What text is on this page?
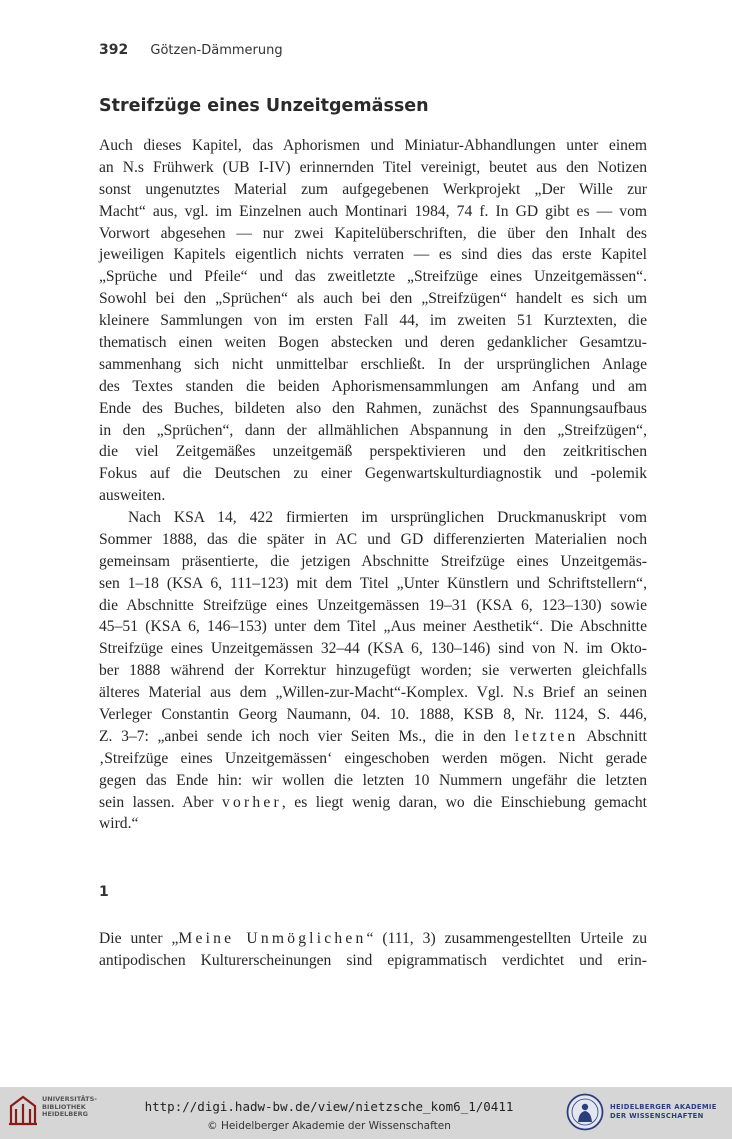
392 Götzen-Dämmerung
Streifzüge eines Unzeitgemässen
Auch dieses Kapitel, das Aphorismen und Miniatur-Abhandlungen unter einem
an N.s Frühwerk (UB I-IV) erinnernden Titel vereinigt, beutet aus den Notizen
sonst ungenutztes Material zum aufgegebenen Werkprojekt „Der Wille zur
Macht“ aus, vgl. im Einzelnen auch Montinari 1984, 74 f. In GD gibt es — vom
Vorwort abgesehen — nur zwei Kapitelüberschriften, die über den Inhalt des
jeweiligen Kapitels eigentlich nichts verraten — es sind dies das erste Kapitel
„Sprüche und Pfeile“ und das zweitletzte „Streifzüge eines Unzeitgemässen“.
Sowohl bei den „Sprüchen“ als auch bei den „Streifzügen“ handelt es sich um
kleinere Sammlungen von im ersten Fall 44, im zweiten 51 Kurztexten, die
thematisch einen weiten Bogen abstecken und deren gedanklicher Gesamtzu-
sammenhang sich nicht unmittelbar erschließt. In der ursprünglichen Anlage
des Textes standen die beiden Aphorismensammlungen am Anfang und am
Ende des Buches, bildeten also den Rahmen, zunächst des Spannungsaufbaus
in den „Sprüchen“, dann der allmählichen Abspannung in den „Streifzügen“,
die viel Zeitgemäßes unzeitgemäß perspektivieren und den zeitkritischen
Fokus auf die Deutschen zu einer Gegenwartskulturdiagnostik und -polemik
ausweiten.
Nach KSA 14, 422 firmierten im ursprünglichen Druckmanuskript vom
Sommer 1888, das die später in AC und GD differenzierten Materialien noch
gemeinsam präsentierte, die jetzigen Abschnitte Streifzüge eines Unzeitgemäs-
sen 1–18 (KSA 6, 111–123) mit dem Titel „Unter Künstlern und Schriftstellern“,
die Abschnitte Streifzüge eines Unzeitgemässen 19–31 (KSA 6, 123–130) sowie
45–51 (KSA 6, 146–153) unter dem Titel „Aus meiner Aesthetik“. Die Abschnitte
Streifzüge eines Unzeitgemässen 32–44 (KSA 6, 130–146) sind von N. im Okto-
ber 1888 während der Korrektur hinzugefügt worden; sie verwerten gleichfalls
älteres Material aus dem „Willen-zur-Macht“-Komplex. Vgl. N.s Brief an seinen
Verleger Constantin Georg Naumann, 04. 10. 1888, KSB 8, Nr. 1124, S. 446,
Z. 3–7: „anbei sende ich noch vier Seiten Ms., die in den letzten Abschnitt
‚Streifzüge eines Unzeitgemässen‘ eingeschoben werden mögen. Nicht gerade
gegen das Ende hin: wir wollen die letzten 10 Nummern ungefähr die letzten
sein lassen. Aber vorher, es liegt wenig daran, wo die Einschiebung gemacht
wird.“
1
Die unter „Meine Unmöglichen“ (111, 3) zusammengestellten Urteile zu
antipodischen Kulturerscheinungen sind epigrammatisch verdichtet und erin-
UNIVERSITÄTS-
BIBLIOTHEK
HEIDELBERG	http://digi.hadw-bw.de/view/nietzsche_kom6_1/0411
© Heidelberger Akademie der Wissenschaften
HEIDELBERGER AKADEMIE
DER WISSENSCHAFTEN
